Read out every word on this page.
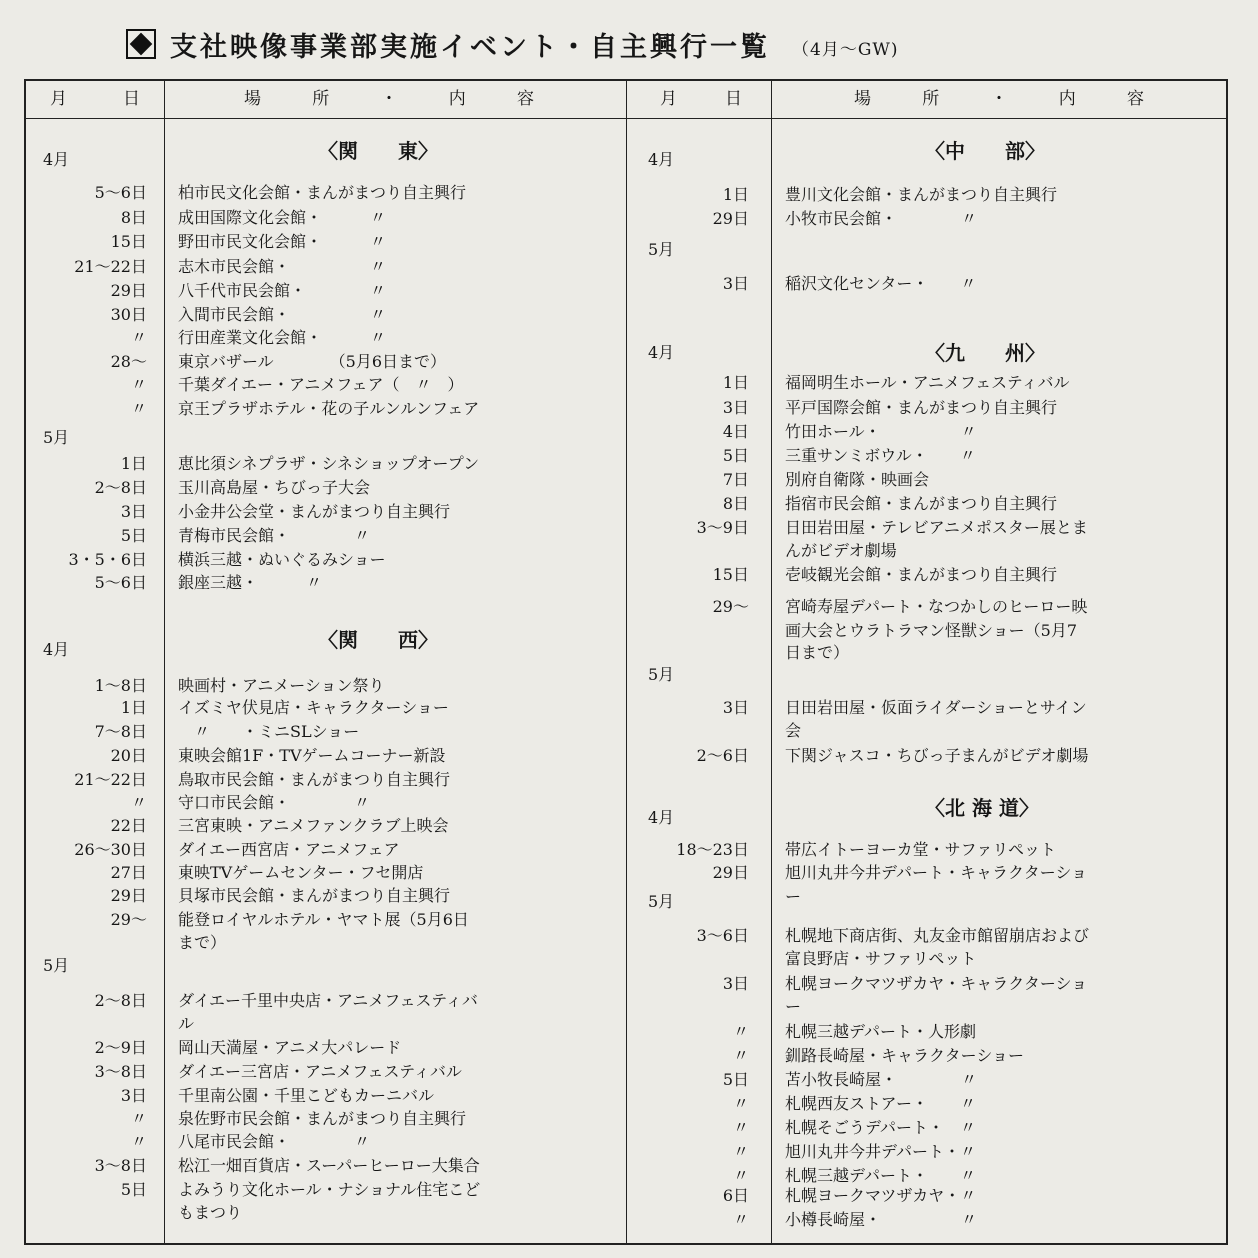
支社映像事業部実施イベント・自主興行一覧 （4月～GW)
月	日	場	所	・	内	容	月	日	場	所	・	内	容
5～6日 柏市民文化会館・まんがまつり自主興行
8日 成田国際文化会館・　　　〃
15日 野田市民文化会館・　　　〃
21～22日 志木市民会館・　　　　　〃
29日 八千代市民会館・　　　　〃
30日 入間市民会館・　　　　　〃
〃 行田産業文化会館・　　　〃
28～ 東京バザール　　　　（5月6日まで）
〃 千葉ダイエー・アニメフェア（　〃　）
〃 京王プラザホテル・花の子ルンルンフェア
1日 恵比須シネプラザ・シネショップオープン
2～8日 玉川高島屋・ちびっ子大会
3日 小金井公会堂・まんがまつり自主興行
5日 青梅市民会館・　　　　〃
3・5・6日 横浜三越・ぬいぐるみショー
5～6日 銀座三越・　　　〃
1～8日 映画村・アニメーション祭り
1日 イズミヤ伏見店・キャラクターショー
7～8日 　〃　　・ミニSLショー
20日 東映会館1F・TVゲームコーナー新設
21～22日 鳥取市民会館・まんがまつり自主興行
〃 守口市民会館・　　　　〃
22日 三宮東映・アニメファンクラブ上映会
26～30日 ダイエー西宮店・アニメフェア
27日 東映TVゲームセンター・フセ開店
29日 貝塚市民会館・まんがまつり自主興行
29～ 能登ロイヤルホテル・ヤマト展（5月6日
まで）
2～8日 ダイエー千里中央店・アニメフェスティバ
ル
2～9日 岡山天満屋・アニメ大パレード
3～8日 ダイエー三宮店・アニメフェスティバル
3日 千里南公園・千里こどもカーニバル
〃 泉佐野市民会館・まんがまつり自主興行
〃 八尾市民会館・　　　　〃
3～8日 松江一畑百貨店・スーパーヒーロー大集合
5日 よみうり文化ホール・ナショナル住宅こど
もまつり
1日 豊川文化会館・まんがまつり自主興行
29日 小牧市民会館・　　　　〃
3日 稲沢文化センター・　　〃
1日 福岡明生ホール・アニメフェスティバル
3日 平戸国際会館・まんがまつり自主興行
4日 竹田ホール・　　　　　〃
5日 三重サンミボウル・　　〃
7日 別府自衛隊・映画会
8日 指宿市民会館・まんがまつり自主興行
3～9日 日田岩田屋・テレビアニメポスター展とま
んがビデオ劇場
15日 壱岐観光会館・まんがまつり自主興行
29～ 宮崎寿屋デパート・なつかしのヒーロー映
画大会とウラトラマン怪獣ショー（5月7
日まで）
3日 日田岩田屋・仮面ライダーショーとサイン
会
2～6日 下関ジャスコ・ちびっ子まんがビデオ劇場
18～23日 帯広イトーヨーカ堂・サファリペット
29日 旭川丸井今井デパート・キャラクターショ
ー
3～6日 札幌地下商店街、丸友金市館留崩店および
富良野店・サファリペット
3日 札幌ヨークマツザカヤ・キャラクターショ
ー
〃 札幌三越デパート・人形劇
〃 釧路長崎屋・キャラクターショー
5日 苫小牧長崎屋・　　　　〃
〃 札幌西友ストアー・　　〃
〃 札幌そごうデパート・　〃
〃 旭川丸井今井デパート・〃
〃 札幌三越デパート・　　〃
6日 札幌ヨークマツザカヤ・〃
〃 小樽長崎屋・　　　　　〃
4月
5月
4月
5月
4月
5月
4月
5月
4月
5月
〈関　　東〉
〈関　　西〉
〈中　　部〉
〈九　　州〉
〈北 海 道〉
